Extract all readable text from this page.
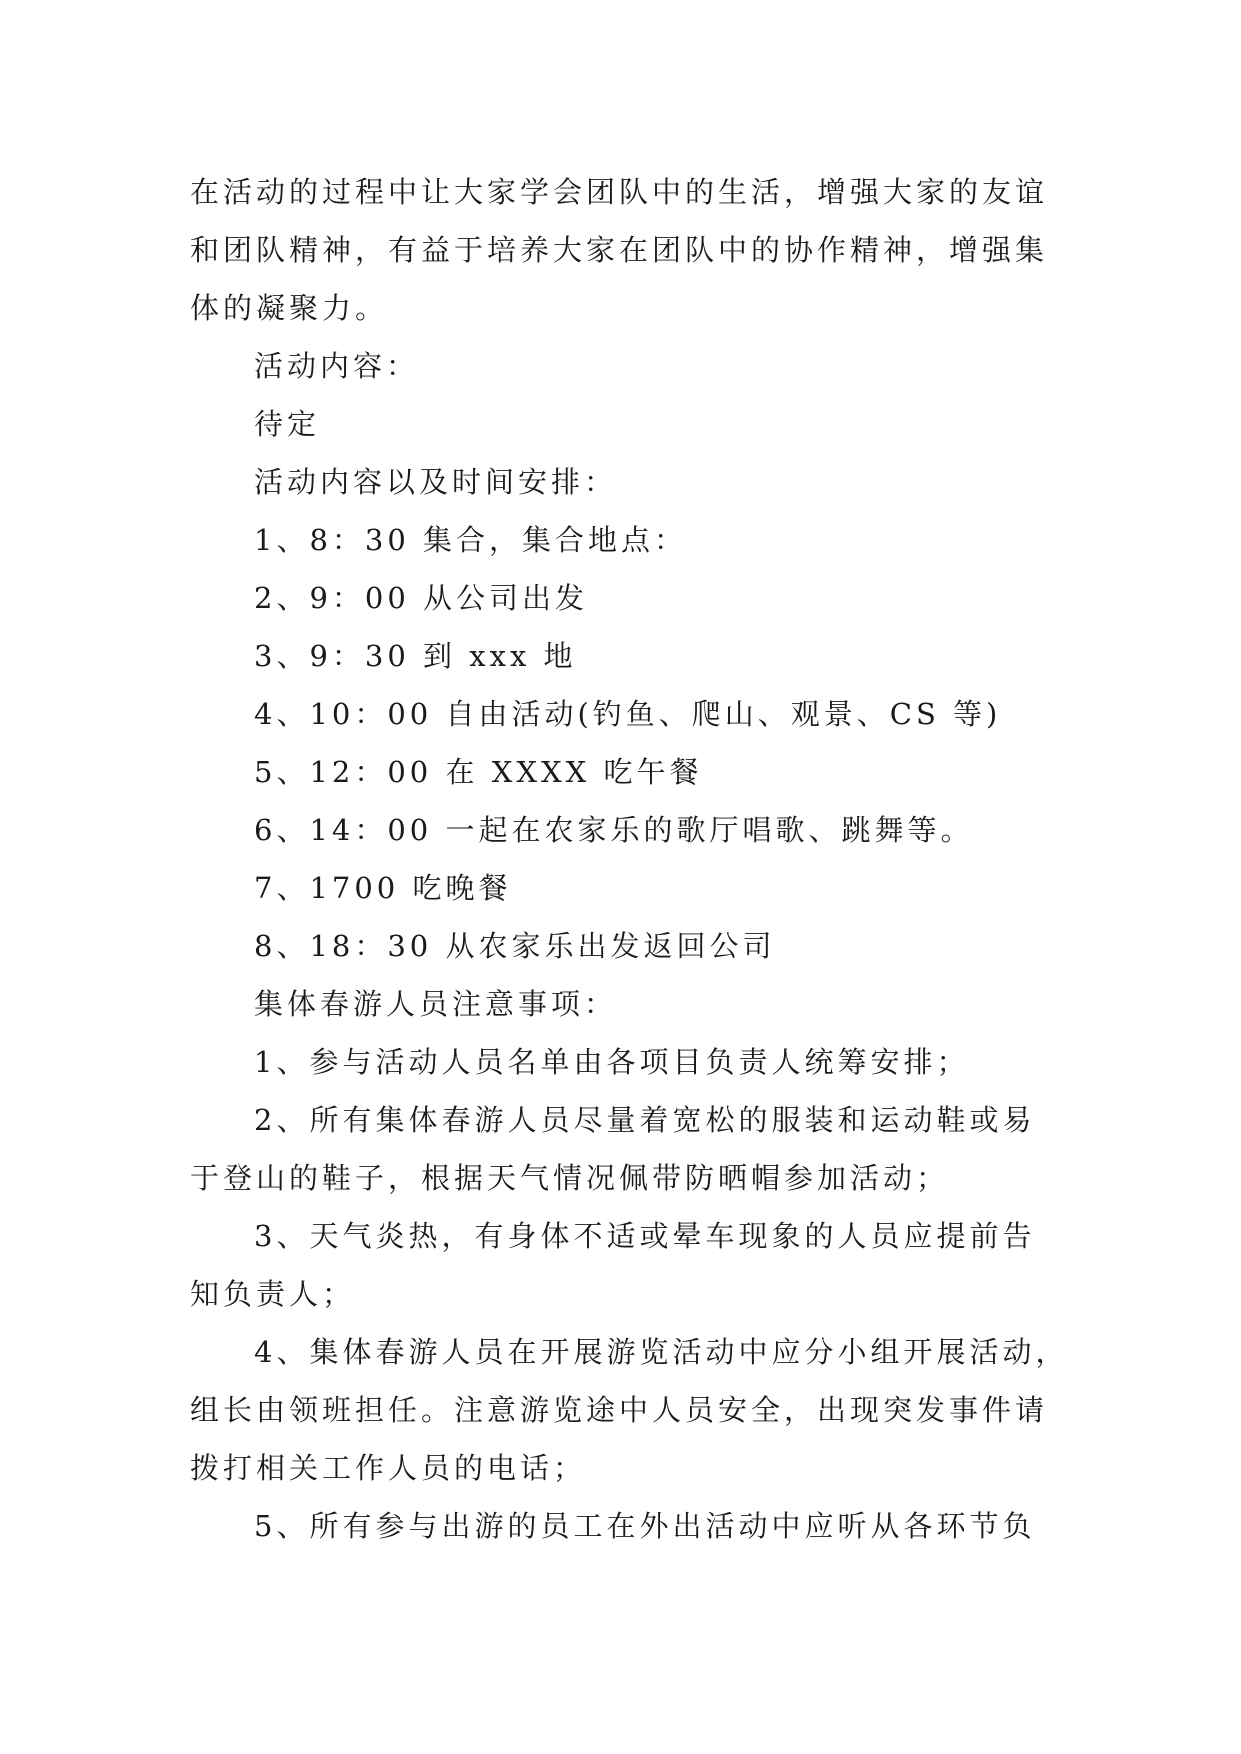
在活动的过程中让大家学会团队中的生活，增强大家的友谊
和团队精神，有益于培养大家在团队中的协作精神，增强集
体的凝聚力。
活动内容：
待定
活动内容以及时间安排：
1、8：30 集合，集合地点：
2、9：00 从公司出发
3、9：30 到 xxx 地
4、10：00 自由活动(钓鱼、爬山、观景、CS 等)
5、12：00 在 XXXX 吃午餐
6、14：00 一起在农家乐的歌厅唱歌、跳舞等。
7、1700 吃晚餐
8、18：30 从农家乐出发返回公司
集体春游人员注意事项：
1、参与活动人员名单由各项目负责人统筹安排；
2、所有集体春游人员尽量着宽松的服装和运动鞋或易
于登山的鞋子，根据天气情况佩带防晒帽参加活动；
3、天气炎热，有身体不适或晕车现象的人员应提前告
知负责人；
4、集体春游人员在开展游览活动中应分小组开展活动，
组长由领班担任。注意游览途中人员安全，出现突发事件请
拨打相关工作人员的电话；
5、所有参与出游的员工在外出活动中应听从各环节负
